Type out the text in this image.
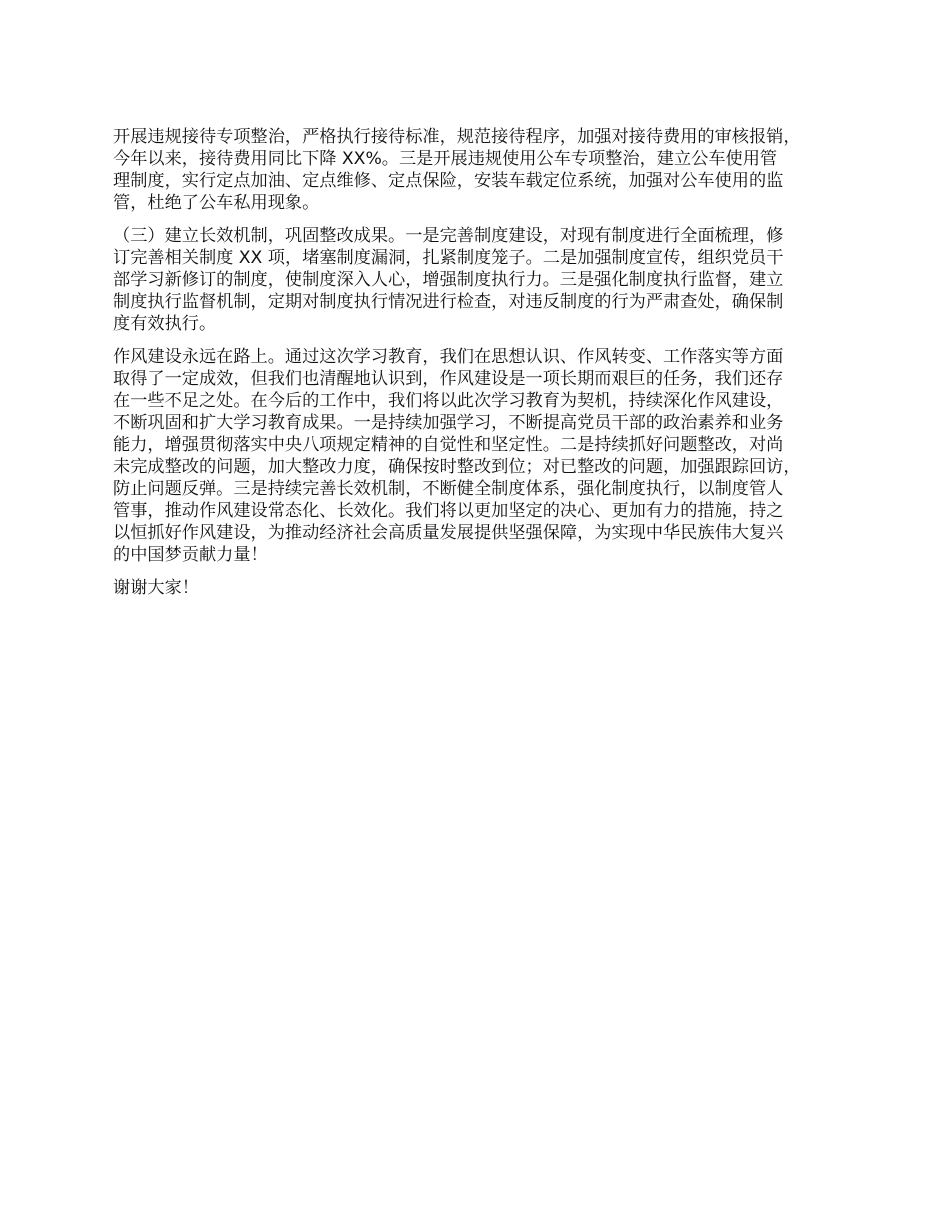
开展违规接待专项整治，严格执行接待标准，规范接待程序，加强对接待费用的审核报销，
今年以来，接待费用同比下降 XX%。三是开展违规使用公车专项整治，建立公车使用管
理制度，实行定点加油、定点维修、定点保险，安装车载定位系统，加强对公车使用的监
管，杜绝了公车私用现象。

（三）建立长效机制，巩固整改成果。一是完善制度建设，对现有制度进行全面梳理，修
订完善相关制度 XX 项，堵塞制度漏洞，扎紧制度笼子。二是加强制度宣传，组织党员干
部学习新修订的制度，使制度深入人心，增强制度执行力。三是强化制度执行监督，建立
制度执行监督机制，定期对制度执行情况进行检查，对违反制度的行为严肃查处，确保制
度有效执行。

作风建设永远在路上。通过这次学习教育，我们在思想认识、作风转变、工作落实等方面
取得了一定成效，但我们也清醒地认识到，作风建设是一项长期而艰巨的任务，我们还存
在一些不足之处。在今后的工作中，我们将以此次学习教育为契机，持续深化作风建设，
不断巩固和扩大学习教育成果。一是持续加强学习，不断提高党员干部的政治素养和业务
能力，增强贯彻落实中央八项规定精神的自觉性和坚定性。二是持续抓好问题整改，对尚
未完成整改的问题，加大整改力度，确保按时整改到位；对已整改的问题，加强跟踪回访，
防止问题反弹。三是持续完善长效机制，不断健全制度体系，强化制度执行，以制度管人
管事，推动作风建设常态化、长效化。我们将以更加坚定的决心、更加有力的措施，持之
以恒抓好作风建设，为推动经济社会高质量发展提供坚强保障，为实现中华民族伟大复兴
的中国梦贡献力量！

谢谢大家！
